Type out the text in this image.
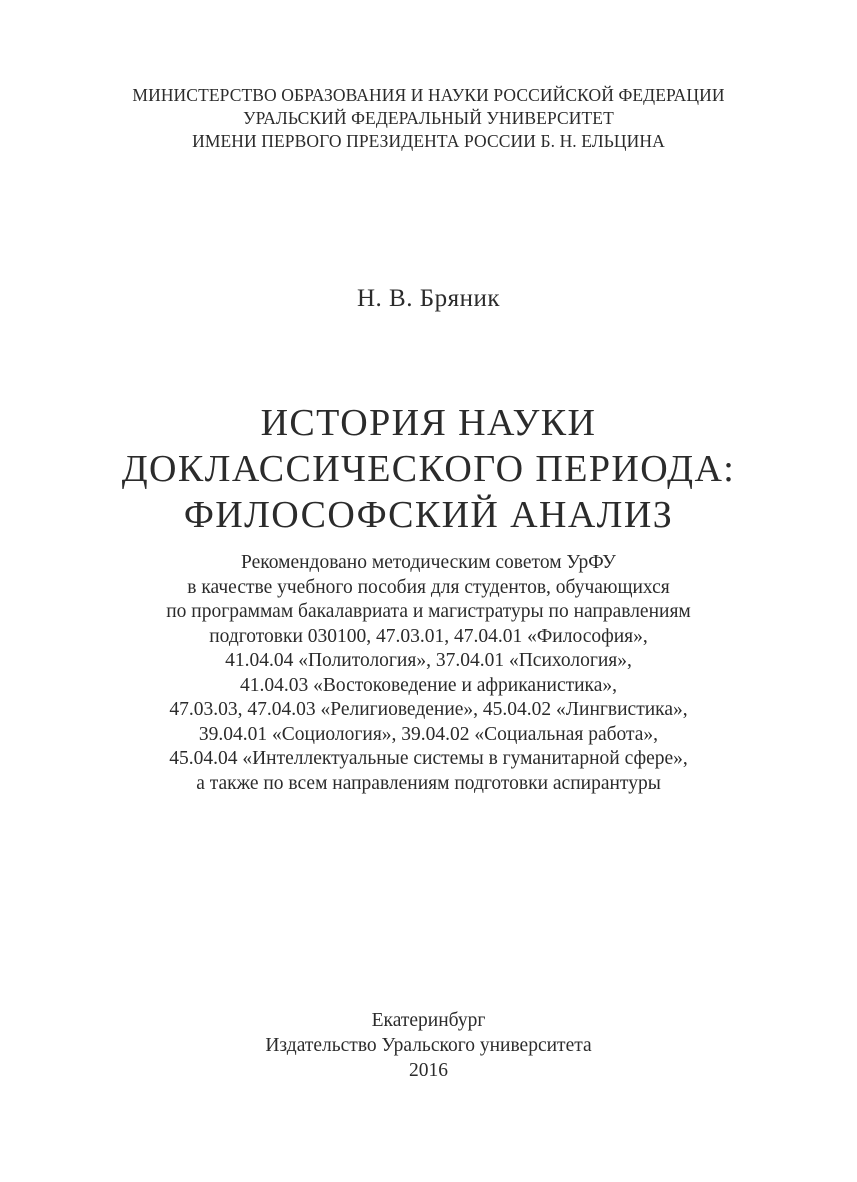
МИНИСТЕРСТВО ОБРАЗОВАНИЯ И НАУКИ РОССИЙСКОЙ ФЕДЕРАЦИИ
УРАЛЬСКИЙ ФЕДЕРАЛЬНЫЙ УНИВЕРСИТЕТ
ИМЕНИ ПЕРВОГО ПРЕЗИДЕНТА РОССИИ Б. Н. ЕЛЬЦИНА
Н. В. Бряник
ИСТОРИЯ НАУКИ
ДОКЛАССИЧЕСКОГО ПЕРИОДА:
ФИЛОСОФСКИЙ АНАЛИЗ
Рекомендовано методическим советом УрФУ
в качестве учебного пособия для студентов, обучающихся
по программам бакалавриата и магистратуры по направлениям
подготовки 030100, 47.03.01, 47.04.01 «Философия»,
41.04.04 «Политология», 37.04.01 «Психология»,
41.04.03 «Востоковедение и африканистика»,
47.03.03, 47.04.03 «Религиоведение», 45.04.02 «Лингвистика»,
39.04.01 «Социология», 39.04.02 «Социальная работа»,
45.04.04 «Интеллектуальные системы в гуманитарной сфере»,
а также по всем направлениям подготовки аспирантуры
Екатеринбург
Издательство Уральского университета
2016
